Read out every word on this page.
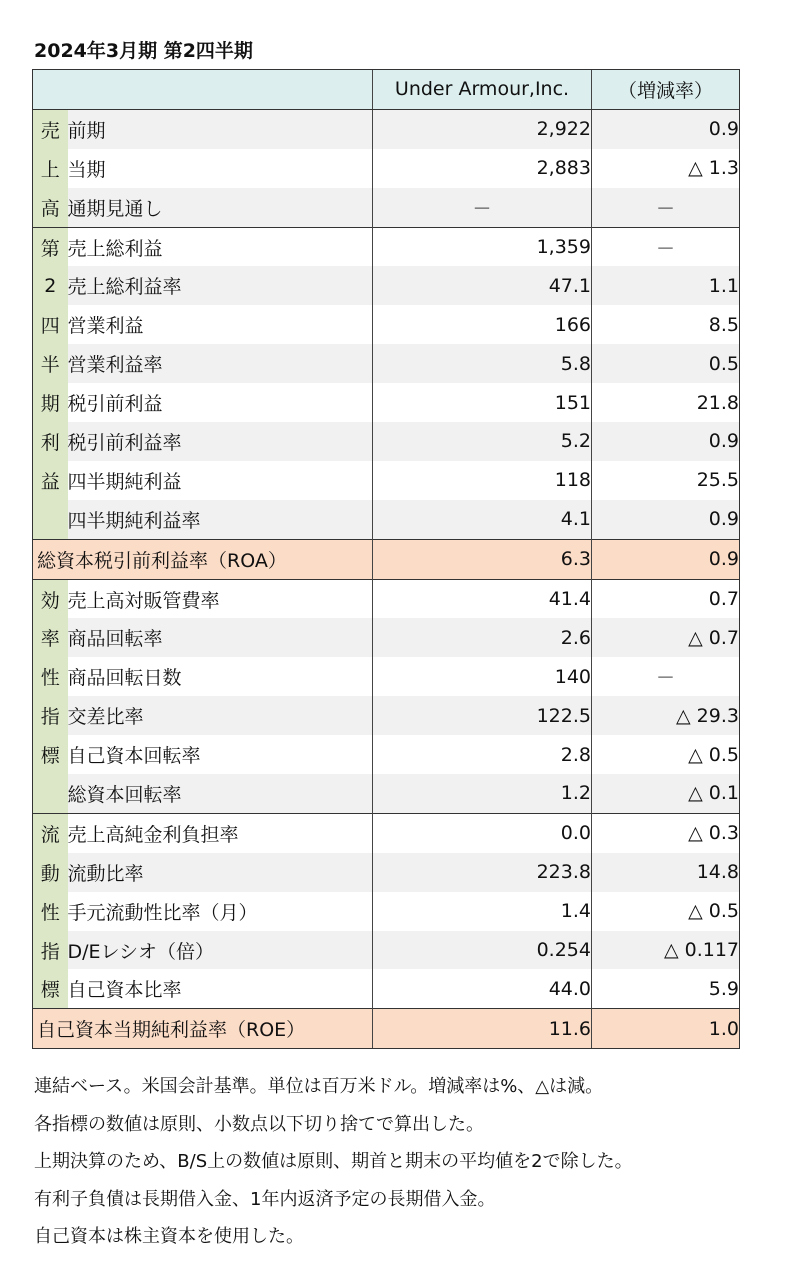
2024年3月期 第2四半期
		Under Armour,Inc.	（増減率）
売	前期	2,922	0.9
上	当期	2,883	△ 1.3
高	通期見通し	－	－
第	売上総利益	1,359	－
2	売上総利益率	47.1	1.1
四	営業利益	166	8.5
半	営業利益率	5.8	0.5
期	税引前利益	151	21.8
利	税引前利益率	5.2	0.9
益	四半期純利益	118	25.5
	四半期純利益率	4.1	0.9
総資本税引前利益率（ROA）		6.3	0.9
効	売上高対販管費率	41.4	0.7
率	商品回転率	2.6	△ 0.7
性	商品回転日数	140	－
指	交差比率	122.5	△ 29.3
標	自己資本回転率	2.8	△ 0.5
	総資本回転率	1.2	△ 0.1
流	売上高純金利負担率	0.0	△ 0.3
動	流動比率	223.8	14.8
性	手元流動性比率（月）	1.4	△ 0.5
指	D/Eレシオ（倍）	0.254	△ 0.117
標	自己資本比率	44.0	5.9
自己資本当期純利益率（ROE）		11.6	1.0
連結ベース。米国会計基準。単位は百万米ドル。増減率は%、△は減。
各指標の数値は原則、小数点以下切り捨てで算出した。
上期決算のため、B/S上の数値は原則、期首と期末の平均値を2で除した。
有利子負債は長期借入金、1年内返済予定の長期借入金。
自己資本は株主資本を使用した。
